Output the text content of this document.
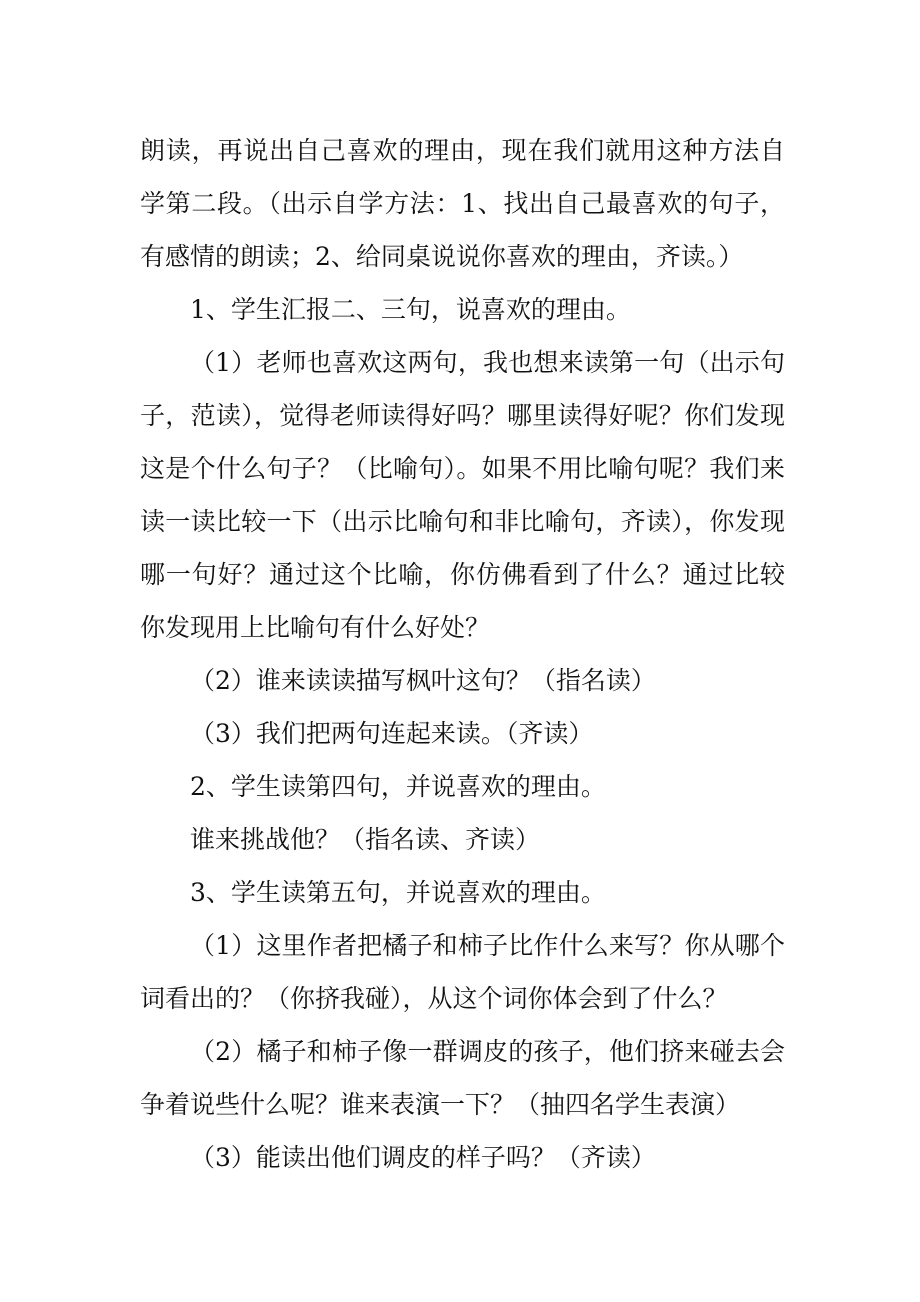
朗读，再说出自己喜欢的理由，现在我们就用这种方法自学第二段。（出示自学方法：1、找出自己最喜欢的句子，有感情的朗读；2、给同桌说说你喜欢的理由，齐读。）

1、学生汇报二、三句，说喜欢的理由。

（1）老师也喜欢这两句，我也想来读第一句（出示句子，范读），觉得老师读得好吗？哪里读得好呢？你们发现这是个什么句子？（比喻句）。如果不用比喻句呢？我们来读一读比较一下（出示比喻句和非比喻句，齐读），你发现哪一句好？通过这个比喻，你仿佛看到了什么？通过比较你发现用上比喻句有什么好处？

（2）谁来读读描写枫叶这句？（指名读）

（3）我们把两句连起来读。（齐读）

2、学生读第四句，并说喜欢的理由。

谁来挑战他？（指名读、齐读）

3、学生读第五句，并说喜欢的理由。

（1）这里作者把橘子和柿子比作什么来写？你从哪个词看出的？（你挤我碰），从这个词你体会到了什么？

（2）橘子和柿子像一群调皮的孩子，他们挤来碰去会争着说些什么呢？谁来表演一下？（抽四名学生表演）

（3）能读出他们调皮的样子吗？（齐读）
